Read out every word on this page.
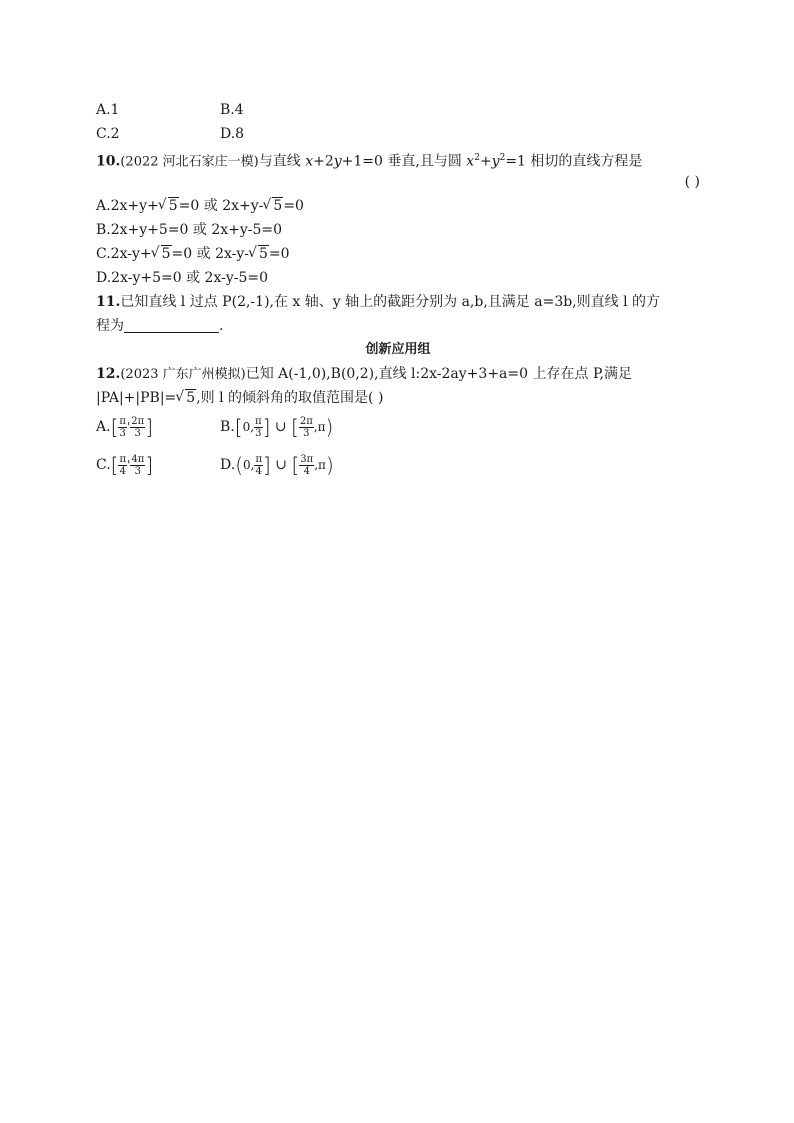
A.1	B.4
C.2	D.8
10.(2022 河北石家庄一模)与直线 x+2y+1=0 垂直,且与圆 $x^2+y^2=1$ 相切的直线方程是
( )
A.2x+y+ √ 5=0 或 2x+y- √ 5=0
B.2x+y+5=0 或 2x+y-5=0
C.2x-y+ √ 5=0 或 2x-y- √ 5=0
D.2x-y+5=0 或 2x-y-5=0
11.已知直线 l 过点 P(2,-1),在 x 轴、y 轴上的截距分别为 a,b,且满足 a=3b,则直线 l 的方
程为	.
创新应用组
12.(2023 广东广州模拟)已知 A(-1,0),B(0,2),直线 l:2x-2ay+3+a=0 上存在点 P,满足
|PA|+|PB|= √ 5,则 l 的倾斜角的取值范围是( )
$A.[ \frac{\pi}{3}$ ' $\frac{2\pi}{3}$ ]	B.[0, $\frac{\pi}{3}$ ] ∪ [ $\frac{2\pi}{3} ,\pi$)
$C.[ \frac{\pi}{4}$ ' $\frac{4\pi}{3}$ ]	D.(0, $\frac{\pi}{4}$ ] ∪ [ $\frac{3\pi}{4} ,\pi$)
